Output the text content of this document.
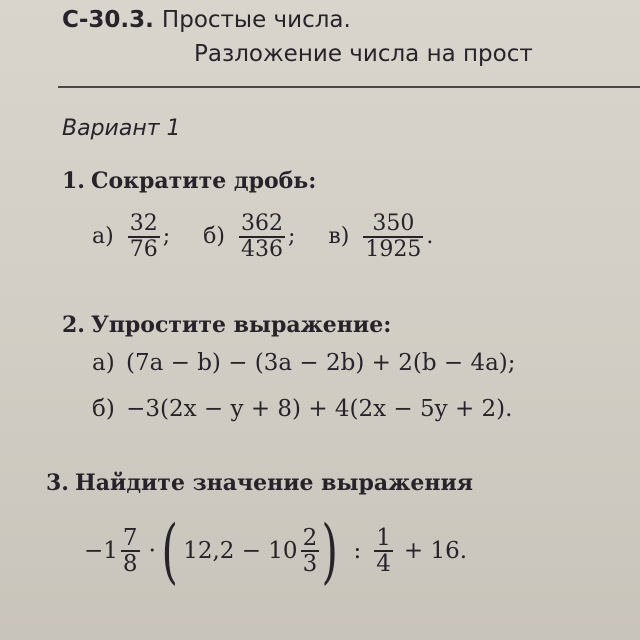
С-30.3. Простые числа.
Разложение числа на прост
Вариант 1
1. Сократите дробь:
$а) \frac{32}{76}$ ; $б) \frac{362}{436}$ ; $в) \frac{350}{1925}$ .
2. Упростите выражение:
а) (7a − b) − (3a − 2b) + 2(b − 4a);
б) −3(2x − y + 8) + 4(2x − 5y + 2).
3. Найдите значение выражения
− $1 \frac{7}{8}$ · ( $12,2 - 10 \frac{2}{3}$ ) : $\frac{1}{4} + 16$.
